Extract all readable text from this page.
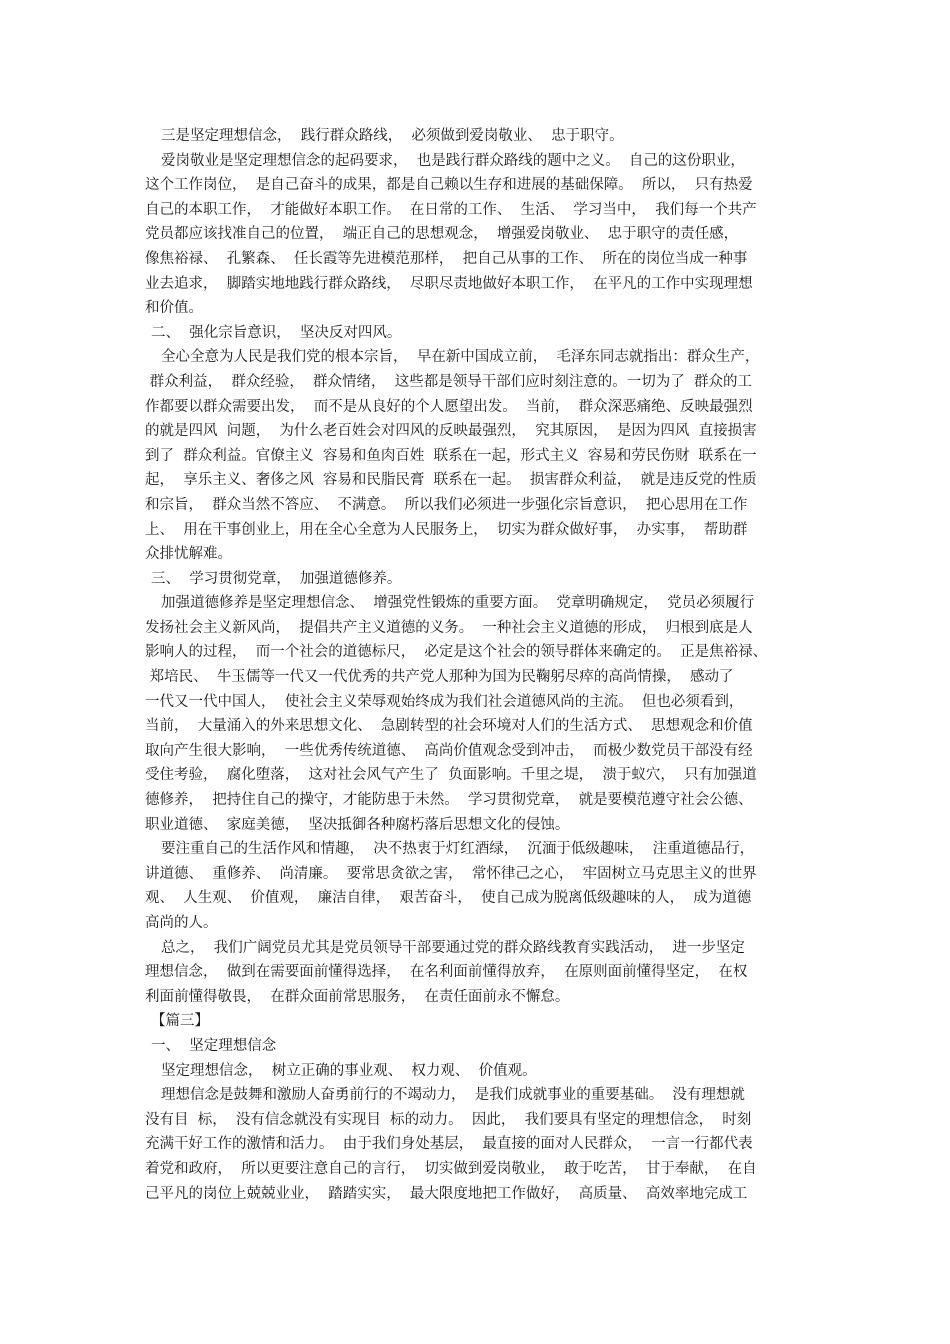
三是坚定理想信念，  践行群众路线，  必须做到爱岗敬业、  忠于职守。

爱岗敬业是坚定理想信念的起码要求，  也是践行群众路线的题中之义。  自己的这份职业，
这个工作岗位，  是自己奋斗的成果，都是自己赖以生存和进展的基础保障。  所以，  只有热爱
自己的本职工作，  才能做好本职工作。  在日常的工作、  生活、  学习当中，  我们每一个共产
党员都应该找准自己的位置，  端正自己的思想观念，  增强爱岗敬业、  忠于职守的责任感，
像焦裕禄、  孔繁森、  任长霞等先进模范那样，  把自己从事的工作、  所在的岗位当成一种事
业去追求，  脚踏实地地践行群众路线，  尽职尽责地做好本职工作，  在平凡的工作中实现理想
和价值。

二、  强化宗旨意识，  坚决反对四风。

全心全意为人民是我们党的根本宗旨，  早在新中国成立前，  毛泽东同志就指出：群众生产，
群众利益，  群众经验，  群众情绪，  这些都是领导干部们应时刻注意的。一切为了  群众的工
作都要以群众需要出发，  而不是从良好的个人愿望出发。  当前，  群众深恶痛绝、反映最强烈
的就是四风  问题，  为什么老百姓会对四风的反映最强烈，  究其原因，  是因为四风  直接损害
到了  群众利益。官僚主义  容易和鱼肉百姓  联系在一起，形式主义  容易和劳民伤财  联系在一
起，  享乐主义、奢侈之风  容易和民脂民膏  联系在一起。  损害群众利益，  就是违反党的性质
和宗旨，  群众当然不答应、  不满意。  所以我们必须进一步强化宗旨意识，  把心思用在工作
上、  用在干事创业上，用在全心全意为人民服务上，  切实为群众做好事，  办实事，  帮助群
众排忧解难。

三、  学习贯彻党章，  加强道德修养。

加强道德修养是坚定理想信念、  增强党性锻炼的重要方面。  党章明确规定，  党员必须履行
发扬社会主义新风尚，  提倡共产主义道德的义务。  一种社会主义道德的形成，  归根到底是人
影响人的过程，  而一个社会的道德标尺，  必定是这个社会的领导群体来确定的。  正是焦裕禄、
郑培民、  牛玉儒等一代又一代优秀的共产党人那种为国为民鞠躬尽瘁的高尚情操，  感动了
一代又一代中国人，  使社会主义荣辱观始终成为我们社会道德风尚的主流。  但也必须看到，
当前，  大量涌入的外来思想文化、  急剧转型的社会环境对人们的生活方式、  思想观念和价值
取向产生很大影响，  一些优秀传统道德、  高尚价值观念受到冲击，  而极少数党员干部没有经
受住考验，  腐化堕落，  这对社会风气产生了  负面影响。千里之堤，  溃于蚁穴，  只有加强道
德修养，  把持住自己的操守，才能防患于未然。  学习贯彻党章，  就是要模范遵守社会公德、
职业道德、  家庭美德，  坚决抵御各种腐朽落后思想文化的侵蚀。

要注重自己的生活作风和情趣，  决不热衷于灯红酒绿，  沉湎于低级趣味，  注重道德品行，
讲道德、  重修养、  尚清廉。  要常思贪欲之害，  常怀律己之心，  牢固树立马克思主义的世界
观、  人生观、  价值观，  廉洁自律，  艰苦奋斗，  使自己成为脱离低级趣味的人，  成为道德
高尚的人。

总之，  我们广阔党员尤其是党员领导干部要通过党的群众路线教育实践活动，  进一步坚定
理想信念，  做到在需要面前懂得选择，  在名利面前懂得放弃，  在原则面前懂得坚定，  在权
利面前懂得敬畏，  在群众面前常思服务，  在责任面前永不懈怠。

【篇三】

一、  坚定理想信念

坚定理想信念，  树立正确的事业观、  权力观、  价值观。

理想信念是鼓舞和激励人奋勇前行的不竭动力，  是我们成就事业的重要基础。  没有理想就
没有目  标，  没有信念就没有实现目  标的动力。  因此，  我们要具有坚定的理想信念，  时刻
充满干好工作的激情和活力。  由于我们身处基层，  最直接的面对人民群众，  一言一行都代表
着党和政府，  所以更要注意自己的言行，  切实做到爱岗敬业，  敢于吃苦，  甘于奉献，  在自
己平凡的岗位上兢兢业业，  踏踏实实，  最大限度地把工作做好，  高质量、  高效率地完成工
